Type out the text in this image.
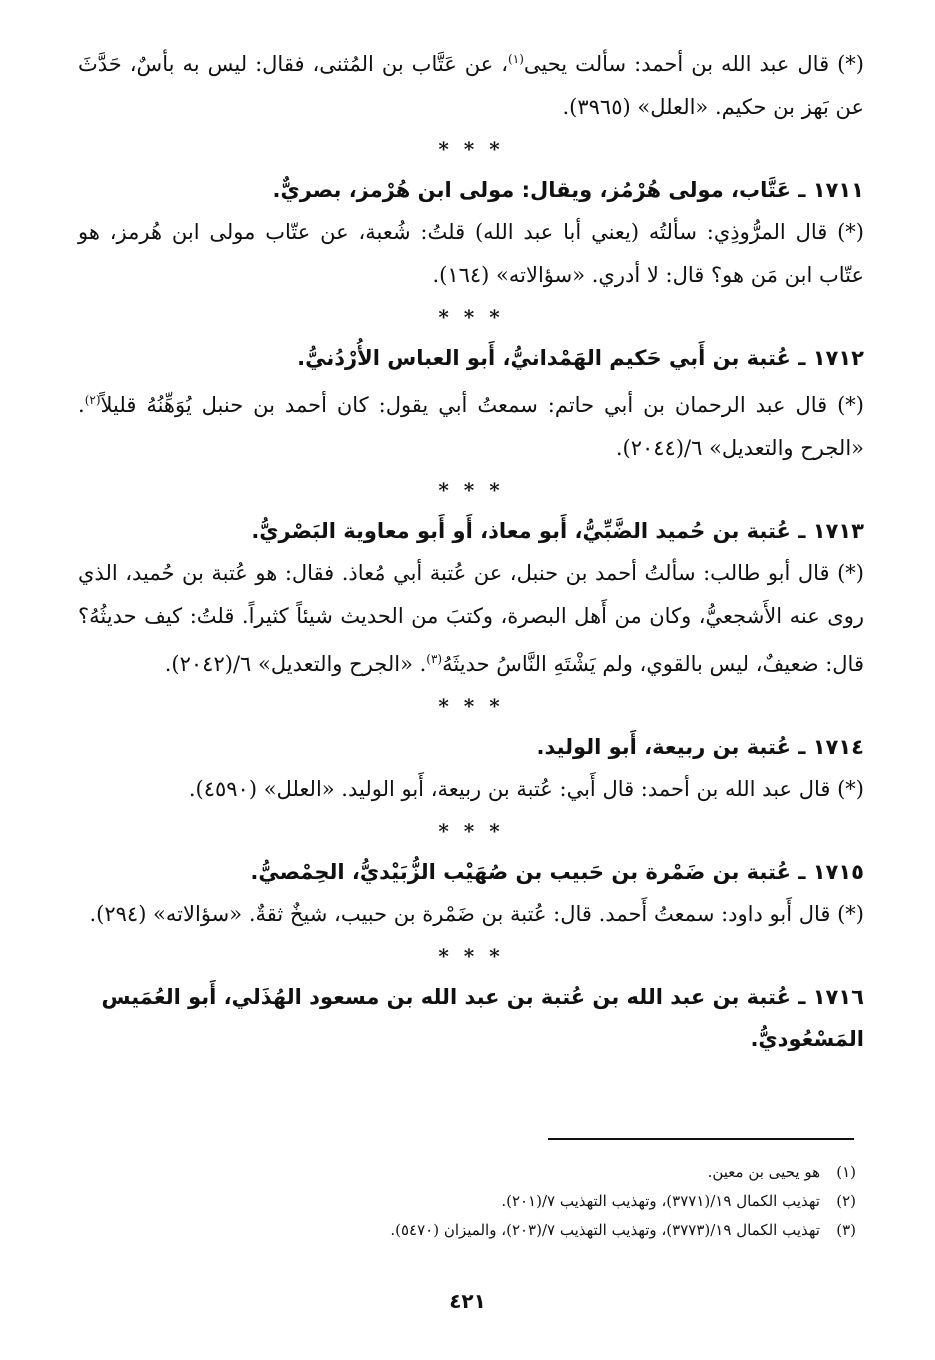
(*) قال عبد الله بن أحمد: سألت يحيى$^{(١)}$، عن عَتَّاب بن المُثنى، فقال: ليس به بأسٌ، حَدَّثَ عن بَهز بن حكيم. «العلل» (٣٩٦٥).

* * *

١٧١١ ـ عَتَّاب، مولى هُرْمُز، ويقال: مولى ابن هُرْمز، بصريٌّ.

(*) قال المرُّوذِي: سألتُه (يعني أبا عبد الله) قلتُ: شُعبة، عن عتّاب مولى ابن هُرمز، هو عتّاب ابن مَن هو؟ قال: لا أدري. «سؤالاته» (١٦٤).

* * *

١٧١٢ ـ عُتبة بن أَبي حَكيم الهَمْدانيُّ، أَبو العباس الأُرْدُنيُّ.

(*) قال عبد الرحمان بن أبي حاتم: سمعتُ أبي يقول: كان أحمد بن حنبل يُوَهِّنُهُ قليلاً$^{(٢)}$. «الجرح والتعديل» ٦/(٢٠٤٤).

* * *

١٧١٣ ـ عُتبة بن حُميد الضَّبِّيُّ، أَبو معاذ، أَو أَبو معاوية البَصْريُّ.

(*) قال أبو طالب: سألتُ أحمد بن حنبل، عن عُتبة أبي مُعاذ. فقال: هو عُتبة بن حُميد، الذي روى عنه الأَشجعيُّ، وكان من أَهل البصرة، وكتبَ من الحديث شيئاً كثيراً. قلتُ: كيف حديثُهُ؟ قال: ضعيفٌ، ليس بالقوي، ولم يَشْتَهِ النَّاسُ حديثَهُ$^{(٣)}$. «الجرح والتعديل» ٦/(٢٠٤٢).

* * *

١٧١٤ ـ عُتبة بن ربيعة، أَبو الوليد.

(*) قال عبد الله بن أحمد: قال أَبي: عُتبة بن ربيعة، أَبو الوليد. «العلل» (٤٥٩٠).

* * *

١٧١٥ ـ عُتبة بن ضَمْرة بن حَبيب بن صُهَيْب الزُّبَيْديُّ، الحِمْصيُّ.

(*) قال أَبو داود: سمعتُ أَحمد. قال: عُتبة بن ضَمْرة بن حبيب، شيخٌ ثقةٌ. «سؤالاته» (٢٩٤).

* * *

١٧١٦ ـ عُتبة بن عبد الله بن عُتبة بن عبد الله بن مسعود الهُذَلي، أَبو العُمَيس المَسْعُوديُّ.

(١)
هو يحيى بن معين.
(٢)
تهذيب الكمال ١٩/(٣٧٧١)، وتهذيب التهذيب ٧/(٢٠١).
(٣)
تهذيب الكمال ١٩/(٣٧٧٣)، وتهذيب التهذيب ٧/(٢٠٣)، والميزان (٥٤٧٠).
٤٢١
